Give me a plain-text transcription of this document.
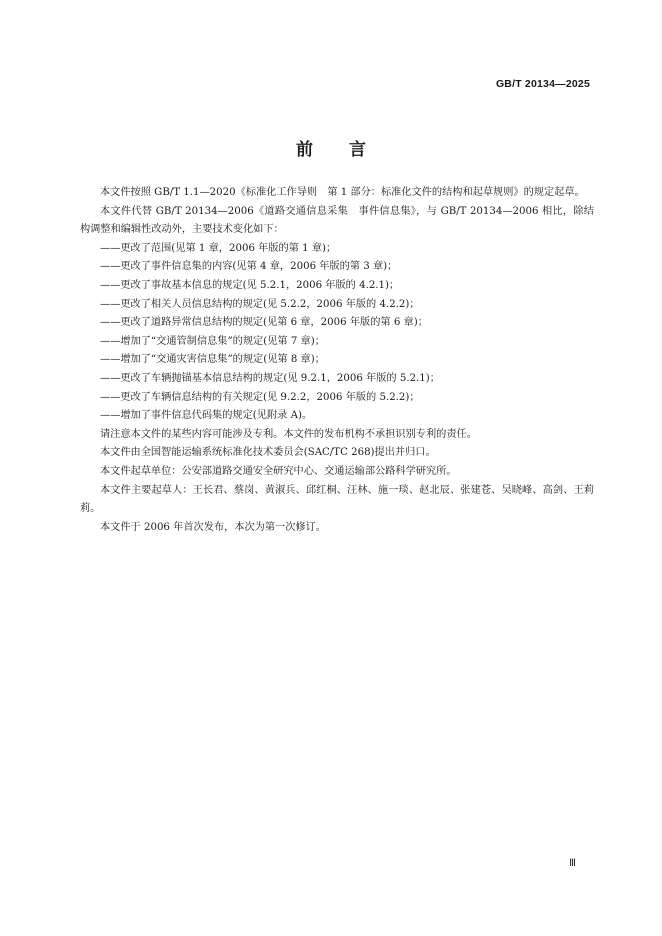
GB/T 20134—2025
前 言

本文件按照 GB/T 1.1—2020《标准化工作导则　第 1 部分：标准化文件的结构和起草规则》的规定起草。

本文件代替 GB/T 20134—2006《道路交通信息采集　事件信息集》，与 GB/T 20134—2006 相比，除结构调整和编辑性改动外，主要技术变化如下：

——更改了范围(见第 1 章，2006 年版的第 1 章)；
——更改了事件信息集的内容(见第 4 章，2006 年版的第 3 章)；
——更改了事故基本信息的规定(见 5.2.1，2006 年版的 4.2.1)；
——更改了相关人员信息结构的规定(见 5.2.2，2006 年版的 4.2.2)；
——更改了道路异常信息结构的规定(见第 6 章，2006 年版的第 6 章)；
——增加了“交通管制信息集”的规定(见第 7 章)；
——增加了“交通灾害信息集”的规定(见第 8 章)；
——更改了车辆抛锚基本信息结构的规定(见 9.2.1，2006 年版的 5.2.1)；
——更改了车辆信息结构的有关规定(见 9.2.2，2006 年版的 5.2.2)；
——增加了事件信息代码集的规定(见附录 A)。

请注意本文件的某些内容可能涉及专利。本文件的发布机构不承担识别专利的责任。

本文件由全国智能运输系统标准化技术委员会(SAC/TC 268)提出并归口。

本文件起草单位：公安部道路交通安全研究中心、交通运输部公路科学研究所。

本文件主要起草人：王长君、蔡岗、黄淑兵、邱红桐、汪林、施一琰、赵北辰、张建苍、吴晓峰、高剑、王莉莉。

本文件于 2006 年首次发布，本次为第一次修订。

Ⅲ
